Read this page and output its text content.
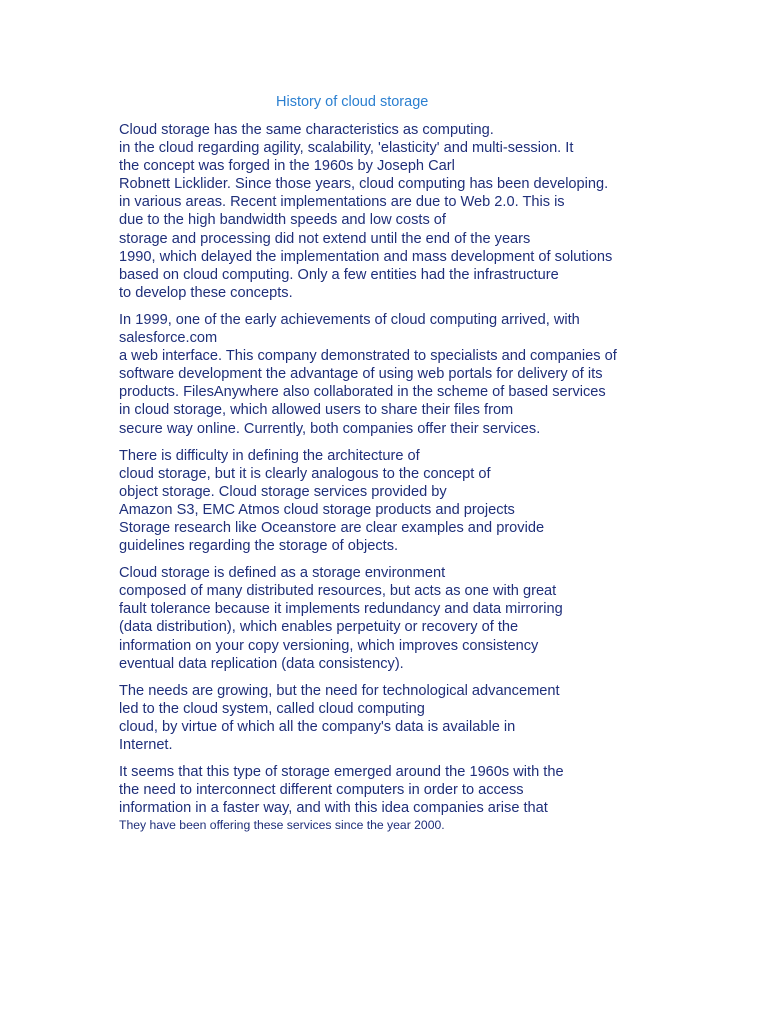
History of cloud storage
Cloud storage has the same characteristics as computing.
in the cloud regarding agility, scalability, 'elasticity' and multi-session. It
the concept was forged in the 1960s by Joseph Carl
Robnett Licklider. Since those years, cloud computing has been developing.
in various areas. Recent implementations are due to Web 2.0. This is
due to the high bandwidth speeds and low costs of
storage and processing did not extend until the end of the years
1990, which delayed the implementation and mass development of solutions
based on cloud computing. Only a few entities had the infrastructure
to develop these concepts.
In 1999, one of the early achievements of cloud computing arrived, with
salesforce.com
a web interface. This company demonstrated to specialists and companies of
software development the advantage of using web portals for delivery of its
products. FilesAnywhere also collaborated in the scheme of based services
in cloud storage, which allowed users to share their files from
secure way online. Currently, both companies offer their services.
There is difficulty in defining the architecture of
cloud storage, but it is clearly analogous to the concept of
object storage. Cloud storage services provided by
Amazon S3, EMC Atmos cloud storage products and projects
Storage research like Oceanstore are clear examples and provide
guidelines regarding the storage of objects.
Cloud storage is defined as a storage environment
composed of many distributed resources, but acts as one with great
fault tolerance because it implements redundancy and data mirroring
(data distribution), which enables perpetuity or recovery of the
information on your copy versioning, which improves consistency
eventual data replication (data consistency).
The needs are growing, but the need for technological advancement
led to the cloud system, called cloud computing
cloud, by virtue of which all the company's data is available in
Internet.
It seems that this type of storage emerged around the 1960s with the
the need to interconnect different computers in order to access
information in a faster way, and with this idea companies arise that
They have been offering these services since the year 2000.
